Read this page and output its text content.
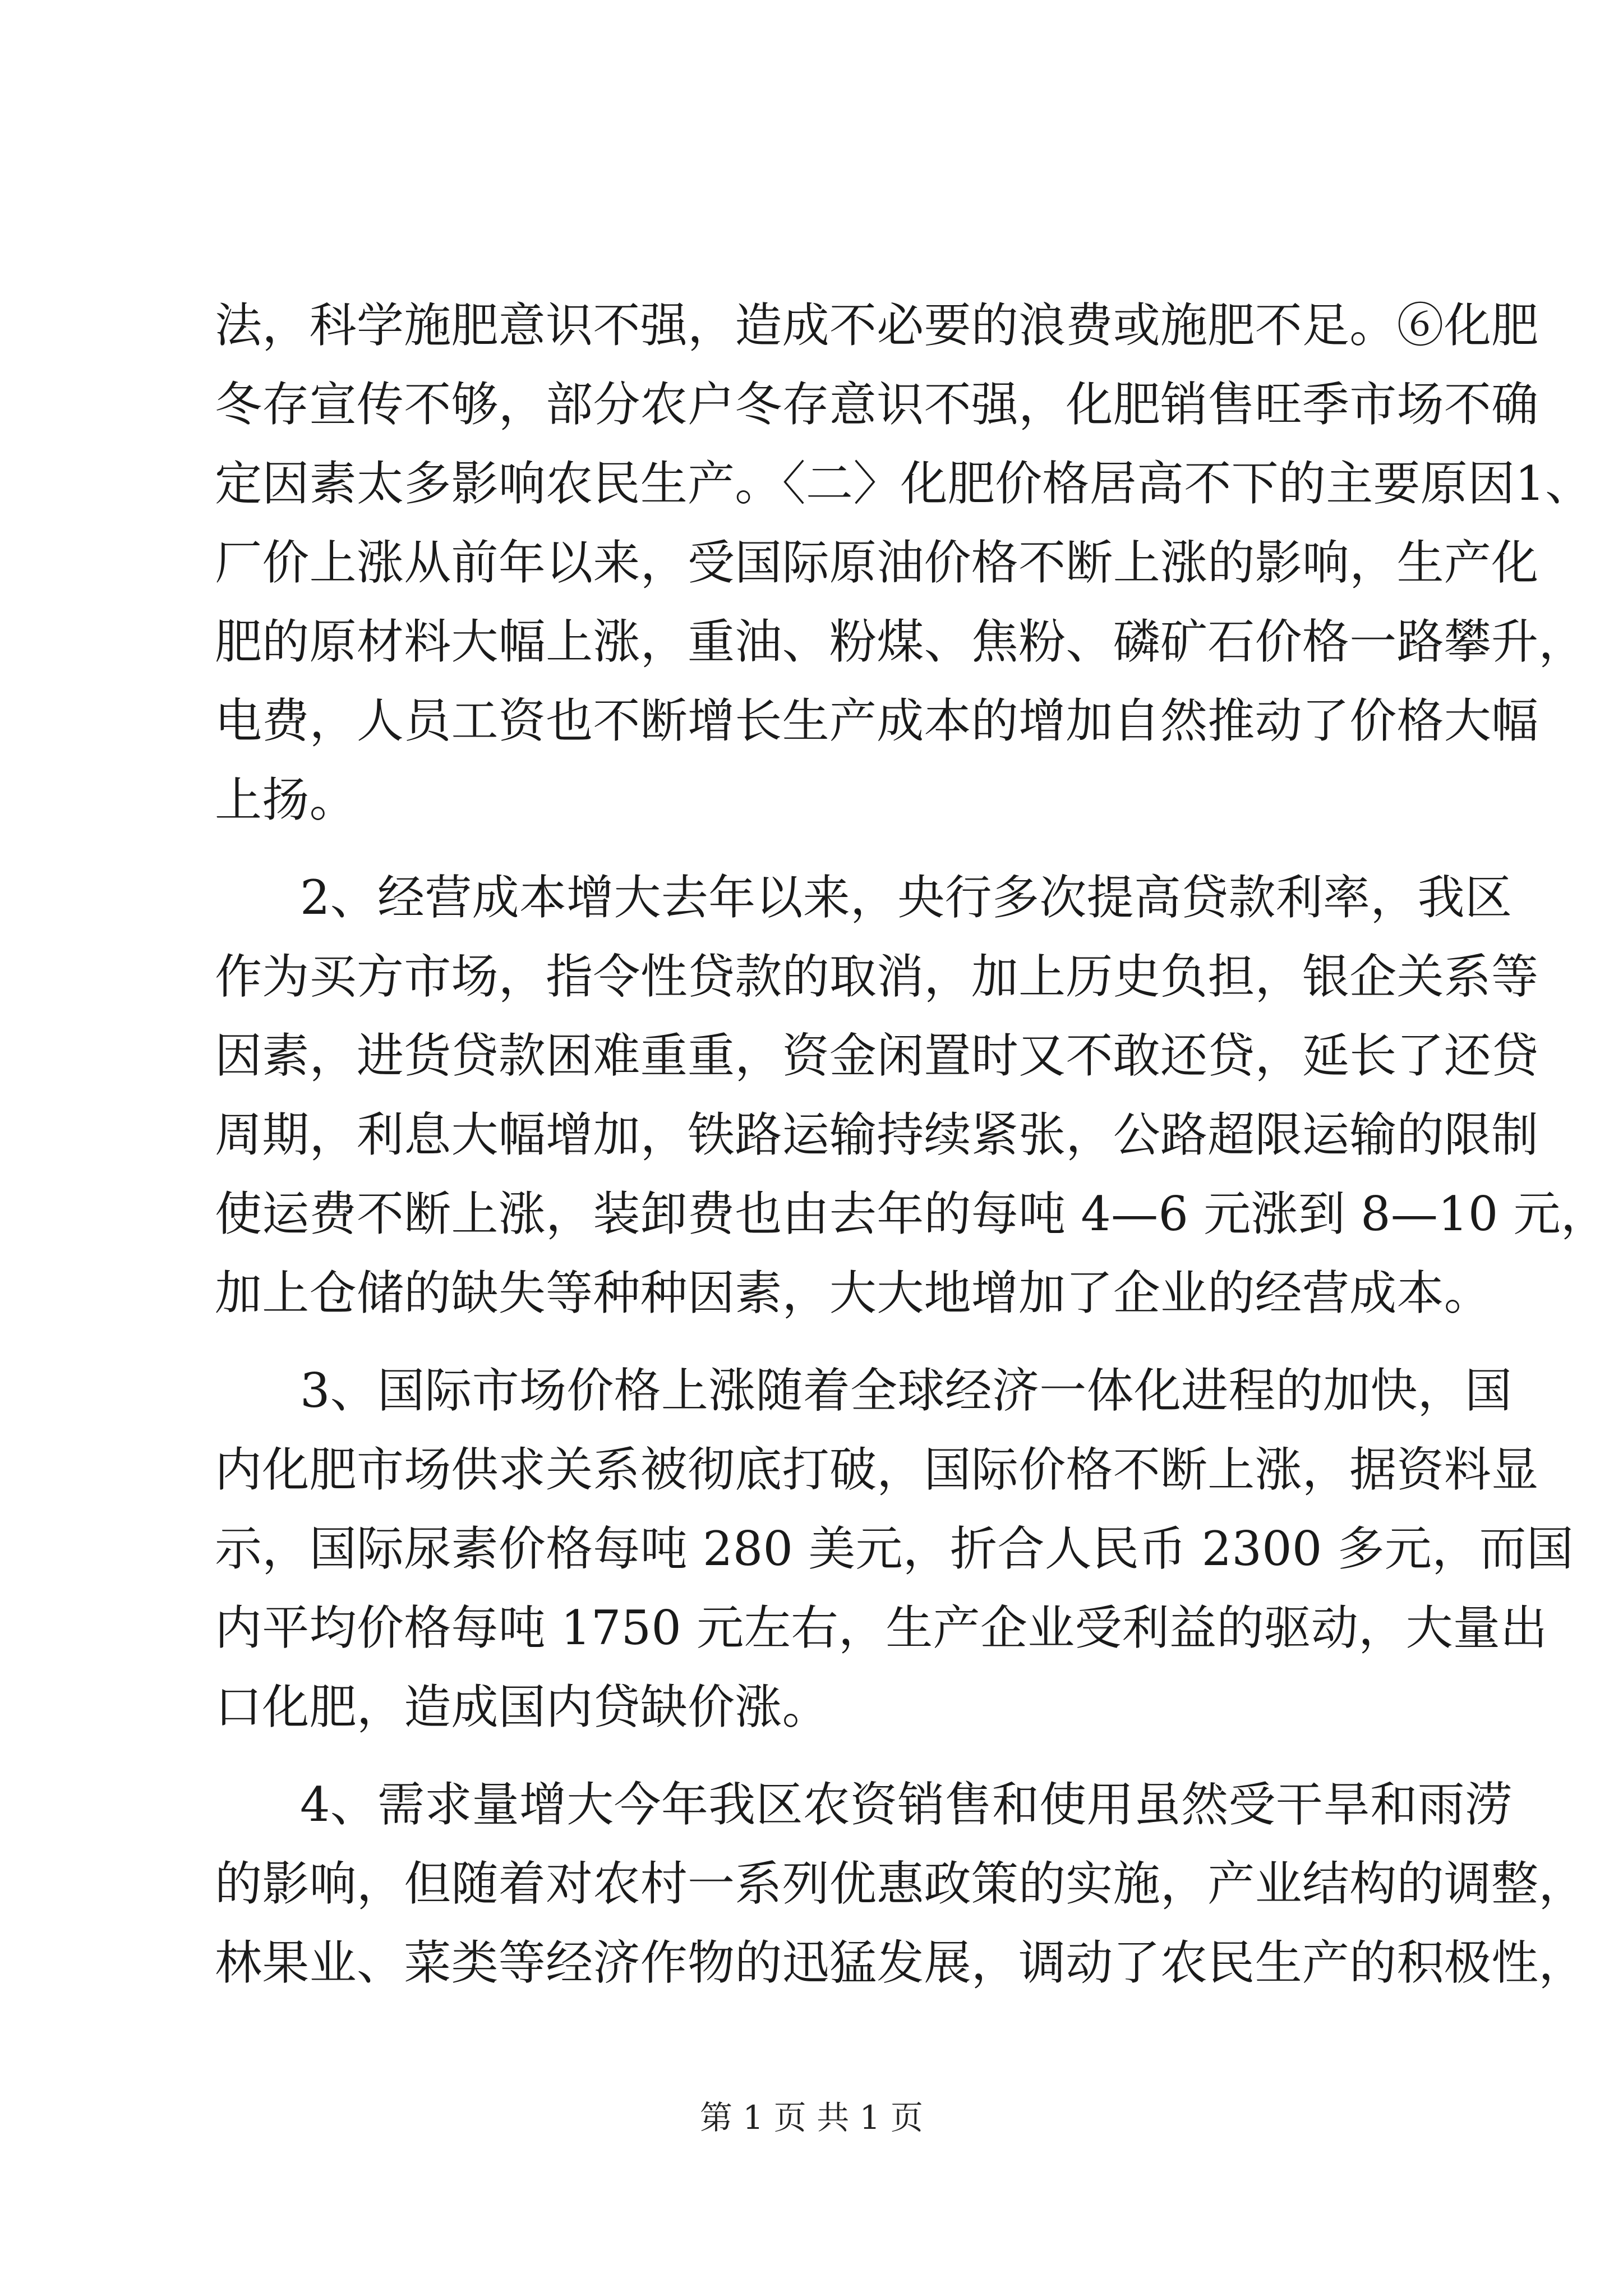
法，科学施肥意识不强，造成不必要的浪费或施肥不足。⑥化肥
冬存宣传不够，部分农户冬存意识不强，化肥销售旺季市场不确
定因素太多影响农民生产。〈二〉化肥价格居高不下的主要原因1、
厂价上涨从前年以来，受国际原油价格不断上涨的影响，生产化
肥的原材料大幅上涨，重油、粉煤、焦粉、磷矿石价格一路攀升，
电费，人员工资也不断增长生产成本的增加自然推动了价格大幅
上扬。
2、经营成本增大去年以来，央行多次提高贷款利率，我区
作为买方市场，指令性贷款的取消，加上历史负担，银企关系等
因素，进货贷款困难重重，资金闲置时又不敢还贷，延长了还贷
周期，利息大幅增加，铁路运输持续紧张，公路超限运输的限制
使运费不断上涨，装卸费也由去年的每吨 4—6 元涨到 8—10 元，
加上仓储的缺失等种种因素，大大地增加了企业的经营成本。
3、国际市场价格上涨随着全球经济一体化进程的加快，国
内化肥市场供求关系被彻底打破，国际价格不断上涨，据资料显
示，国际尿素价格每吨 280 美元，折合人民币 2300 多元，而国
内平均价格每吨 1750 元左右，生产企业受利益的驱动，大量出
口化肥，造成国内贷缺价涨。
4、需求量增大今年我区农资销售和使用虽然受干旱和雨涝
的影响，但随着对农村一系列优惠政策的实施，产业结构的调整，
林果业、菜类等经济作物的迅猛发展，调动了农民生产的积极性，
第 1 页 共 1 页
